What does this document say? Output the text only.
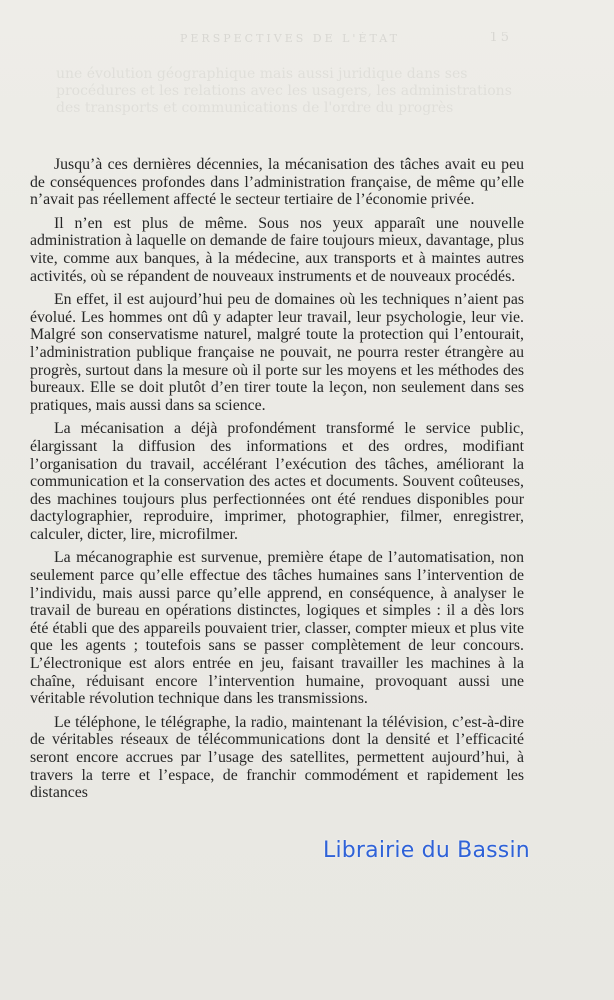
PERSPECTIVES DE L'ÉTAT	15
une évolution géographique mais aussi juridique dans ses procédures et les relations avec les usagers, les administrations des transports et communications de l'ordre du progrès

Jusqu’à ces dernières décennies, la mécanisation des tâches avait eu peu de conséquences profondes dans l’administration française, de même qu’elle n’avait pas réellement affecté le secteur tertiaire de l’économie privée.

Il n’en est plus de même. Sous nos yeux apparaît une nouvelle administration à laquelle on demande de faire toujours mieux, davantage, plus vite, comme aux banques, à la médecine, aux transports et à maintes autres activités, où se répandent de nouveaux instruments et de nouveaux procédés.

En effet, il est aujourd’hui peu de domaines où les techniques n’aient pas évolué. Les hommes ont dû y adapter leur travail, leur psychologie, leur vie. Malgré son conservatisme naturel, malgré toute la protection qui l’entourait, l’administration publique française ne pouvait, ne pourra rester étrangère au progrès, surtout dans la mesure où il porte sur les moyens et les méthodes des bureaux. Elle se doit plutôt d’en tirer toute la leçon, non seulement dans ses pratiques, mais aussi dans sa science.

La mécanisation a déjà profondément transformé le service public, élargissant la diffusion des informations et des ordres, modifiant l’organisation du travail, accélérant l’exécution des tâches, améliorant la communication et la conservation des actes et documents. Souvent coûteuses, des machines toujours plus perfectionnées ont été rendues disponibles pour dactylographier, reproduire, imprimer, photographier, filmer, enregistrer, calculer, dicter, lire, microfilmer.

La mécanographie est survenue, première étape de l’automatisation, non seulement parce qu’elle effectue des tâches humaines sans l’intervention de l’individu, mais aussi parce qu’elle apprend, en conséquence, à analyser le travail de bureau en opérations distinctes, logiques et simples : il a dès lors été établi que des appareils pouvaient trier, classer, compter mieux et plus vite que les agents ; toutefois sans se passer complètement de leur concours. L’électronique est alors entrée en jeu, faisant travailler les machines à la chaîne, réduisant encore l’intervention humaine, provoquant aussi une véritable révolution technique dans les transmissions.

Le téléphone, le télégraphe, la radio, maintenant la télévision, c’est-à-dire de véritables réseaux de télécommunications dont la densité et l’efficacité seront encore accrues par l’usage des satellites, permettent aujourd’hui, à travers la terre et l’espace, de franchir commodément et rapidement les distances

Librairie du Bassin
